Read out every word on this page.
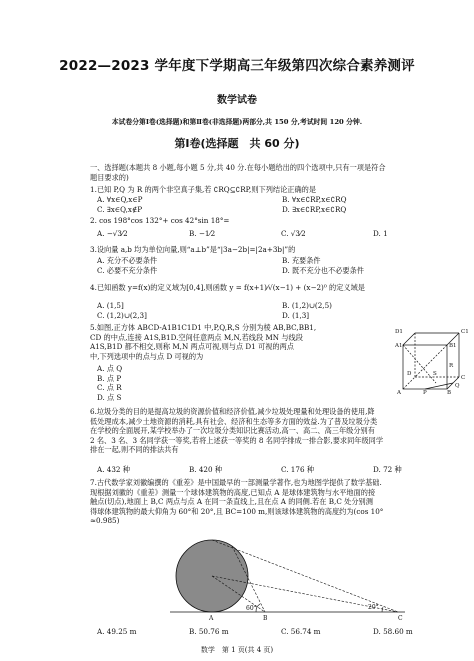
2022—2023 学年度下学期高三年级第四次综合素养测评
数学试卷
本试卷分第Ⅰ卷(选择题)和第Ⅱ卷(非选择题)两部分,共 150 分,考试时间 120 分钟.
第Ⅰ卷(选择题　共 60 分)
一、选择题(本题共 8 小题,每小题 5 分,共 40 分.在每小题给出的四个选项中,只有一项是符合
题目要求的)
1.已知 P,Q 为 R 的两个非空真子集,若 ∁RQ⊆∁RP,则下列结论正确的是
A. ∀x∈Q,x∈P	B. ∀x∈∁RP,x∈∁RQ
C. ∃x∈Q,x∉P	D. ∃x∈∁RP,x∈∁RQ
2. cos 198°cos 132°+ cos 42°sin 18°=
A. −√3⁄2	B. −1⁄2	C. √3⁄2	D. 1
3.设向量 a,b 均为单位向量,则“a⊥b”是“|3a−2b|=|2a+3b|”的
A. 充分不必要条件	B. 充要条件
C. 必要不充分条件	D. 既不充分也不必要条件
4.已知函数 y=f(x)的定义域为[0,4],则函数 y = f(x+1)⁄√(x−1) + (x−2)⁰ 的定义域是
A. (1,5]	B. (1,2)∪(2,5)
C. (1,2)∪(2,3]	D. (1,3]
5.如图,正方体 ABCD-A1B1C1D1 中,P,Q,R,S 分别为棱 AB,BC,BB1,
CD 的中点,连接 A1S,B1D.空间任意两点 M,N,若线段 MN 与线段
A1S,B1D 都不相交,则称 M,N 两点可视,则与点 D1 可视的两点
中,下列选项中的点与点 D 可视的为
A. 点 Q
B. 点 P
C. 点 R
D. 点 S
D1	C1
A1	B1
D
C
A	B
P
Q
R
S
6.垃圾分类的目的是提高垃圾的资源价值和经济价值,减少垃圾处理量和处理设备的使用,降
低处理成本,减少土地资源的消耗,具有社会、经济和生态等多方面的效益.为了普及垃圾分类
在学校的全面展开,某学校举办了一次垃圾分类知识比赛活动,高一、高二、高三年级分别有
2 名、3 名、3 名同学获一等奖,若将上述获一等奖的 8 名同学排成一排合影,要求同年级同学
排在一起,则不同的排法共有
A. 432 种	B. 420 种	C. 176 种	D. 72 种
7.古代数学家刘徽编撰的《重差》是中国最早的一部测量学著作,也为地图学提供了数学基础.
现根据刘徽的《重差》测量一个球体建筑物的高度,已知点 A 是球体建筑物与水平地面的接
触点(切点),地面上 B,C 两点与点 A 在同一条直线上,且在点 A 的同侧.若在 B,C 处分别测
得球体建筑物的最大仰角为 60°和 20°,且 BC=100 m,则该球体建筑物的高度约为(cos 10°
≈0.985)
A	B	C
60°	20°
A. 49.25 m	B. 50.76 m	C. 56.74 m	D. 58.60 m
数学　第 1 页(共 4 页)
